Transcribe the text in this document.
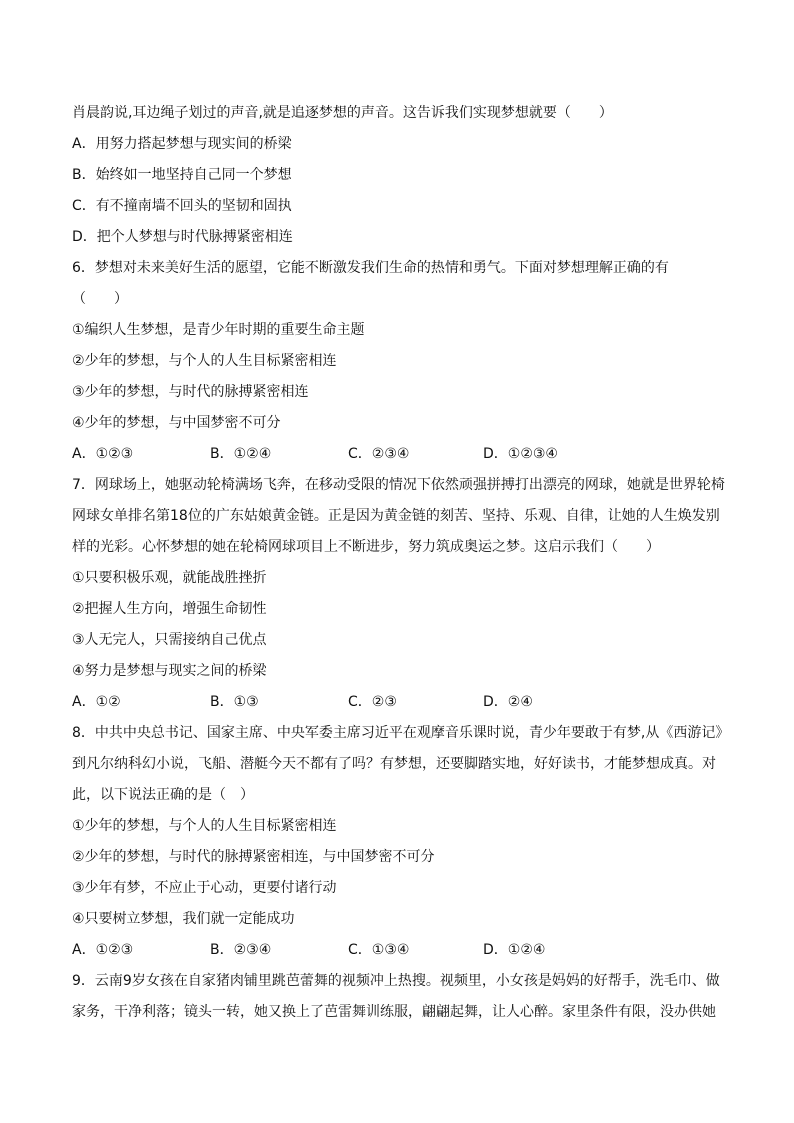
肖晨韵说,耳边绳子划过的声音,就是追逐梦想的声音。这告诉我们实现梦想就要（　　）
A．用努力搭起梦想与现实间的桥梁
B．始终如一地坚持自己同一个梦想
C．有不撞南墙不回头的坚韧和固执
D．把个人梦想与时代脉搏紧密相连
6．梦想对未来美好生活的愿望，它能不断激发我们生命的热情和勇气。下面对梦想理解正确的有
（　　）
①编织人生梦想，是青少年时期的重要生命主题
②少年的梦想，与个人的人生目标紧密相连
③少年的梦想，与时代的脉搏紧密相连
④少年的梦想，与中国梦密不可分
A．①②③	B．①②④	C．②③④	D．①②③④
7．网球场上，她驱动轮椅满场飞奔，在移动受限的情况下依然顽强拼搏打出漂亮的网球，她就是世界轮椅
网球女单排名第18位的广东姑娘黄金链。正是因为黄金链的刻苦、坚持、乐观、自律，让她的人生焕发别
样的光彩。心怀梦想的她在轮椅网球项目上不断进步，努力筑成奥运之梦。这启示我们（　　）
①只要积极乐观，就能战胜挫折
②把握人生方向，增强生命韧性
③人无完人，只需接纳自己优点
④努力是梦想与现实之间的桥梁
A．①②	B．①③	C．②③	D．②④
8．中共中央总书记、国家主席、中央军委主席习近平在观摩音乐课时说，青少年要敢于有梦,从《西游记》
到凡尔纳科幻小说，飞船、潜艇今天不都有了吗？有梦想，还要脚踏实地，好好读书，才能梦想成真。对
此，以下说法正确的是（　）
①少年的梦想，与个人的人生目标紧密相连
②少年的梦想，与时代的脉搏紧密相连，与中国梦密不可分
③少年有梦，不应止于心动，更要付诸行动
④只要树立梦想，我们就一定能成功
A．①②③	B．②③④	C．①③④	D．①②④
9．云南9岁女孩在自家猪肉铺里跳芭蕾舞的视频冲上热搜。视频里，小女孩是妈妈的好帮手，洗毛巾、做
家务，干净利落；镜头一转，她又换上了芭雷舞训练服，翩翩起舞，让人心醉。家里条件有限，没办供她
